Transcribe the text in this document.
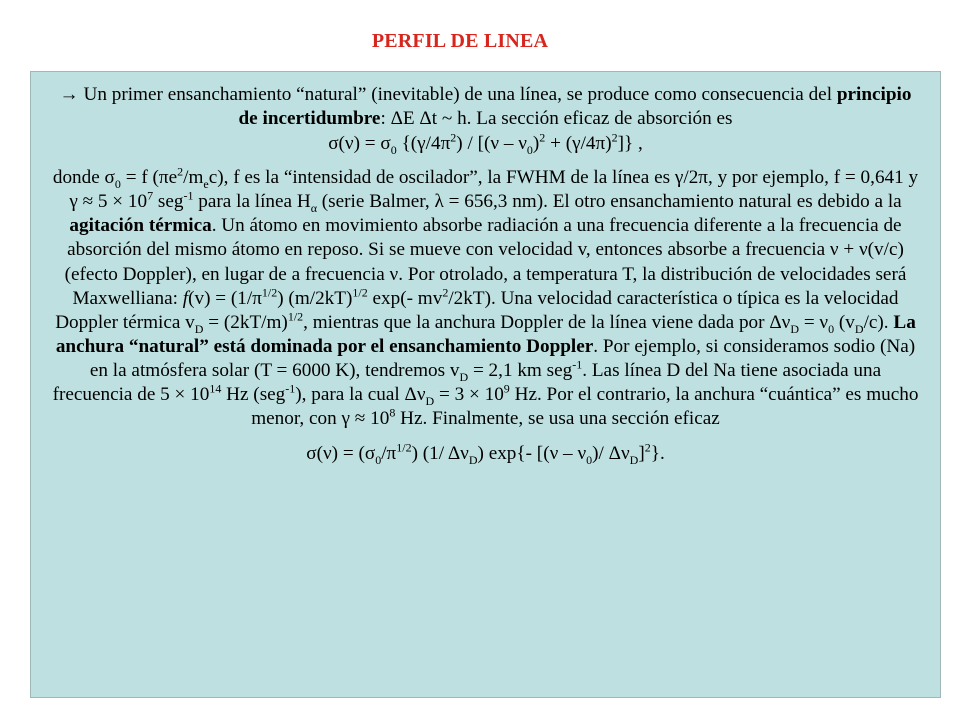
PERFIL DE LINEA

→ Un primer ensanchamiento “natural” (inevitable) de una línea, se produce como consecuencia del principio de incertidumbre: ΔE Δt ~ h. La sección eficaz de absorción es

$\sigma(\nu) = \sigma_0$ $\{(\gamma/4\pi^2) / [(\nu - \nu_0)^2 + (\gamma/4\pi)^2]\}$ ,

donde $\sigma_0 = f$ $(\pi e^2/m_ec)$, f es la “intensidad de oscilador”, la FWHM de la línea es γ/2π, y por ejemplo, f = 0,641 y $\gamma \approx 5 \times 10^7$ seg$^{-1}$ para la línea $H_\alpha$ (serie Balmer, λ = 656,3 nm). El otro ensanchamiento natural es debido a la agitación térmica. Un átomo en movimiento absorbe radiación a una frecuencia diferente a la frecuencia de absorción del mismo átomo en reposo. Si se mueve con velocidad v, entonces absorbe a frecuencia ν + ν(v/c) (efecto Doppler), en lugar de a frecuencia ν. Por otrolado, a temperatura T, la distribución de velocidades será Maxwelliana: $f(v) = (1/\pi^{1/2})$ $(m/2kT)^{1/2}$ exp(- $mv^2/2kT$). Una velocidad característica o típica es la velocidad Doppler térmica $v_D = (2kT/m)^{1/2}$, mientras que la anchura Doppler de la línea viene dada por $\Delta\nu_D = \nu_0$ $(v_D/c)$. La anchura “natural” está dominada por el ensanchamiento Doppler. Por ejemplo, si consideramos sodio (Na) en la atmósfera solar (T = 6000 K), tendremos $v_D = 2,1$ km seg$^{-1}$. Las línea D del Na tiene asociada una frecuencia de $5 \times 10^{14}$ Hz (seg$^{-1}$), para la cual $\Delta\nu_D = 3 \times 10^9$ Hz. Por el contrario, la anchura “cuántica” es mucho menor, con $\gamma \approx 10^8$ Hz. Finalmente, se usa una sección eficaz

$\sigma(\nu) = (\sigma_0/\pi^{1/2})$ (1/ $\Delta\nu_D$) exp{- [$(\nu - \nu_0)/$ $\Delta\nu_D]^2$}.
